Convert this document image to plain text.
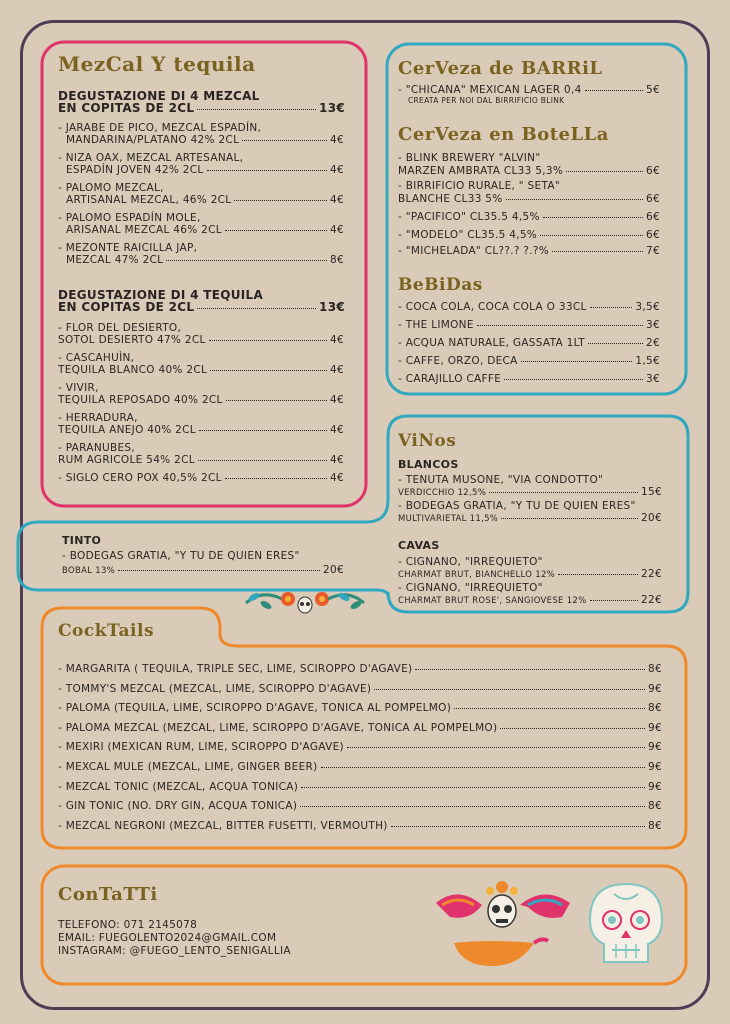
MezCal Y tequila
DEGUSTAZIONE DI 4 MEZCAL
EN COPITAS DE 2CL	13€
- JARABE DE PICO, MEZCAL ESPADÍN,
MANDARINA/PLATANO 42% 2CL	4€
- NIZA OAX, MEZCAL ARTESANAL,
ESPADÍN JOVEN 42% 2CL	4€
- PALOMO MEZCAL,
ARTISANAL MEZCAL, 46% 2CL	4€
- PALOMO ESPADÍN MOLE,
ARISANAL MEZCAL 46% 2CL	4€
- MEZONTE RAICILLA JAP,
MEZCAL 47% 2CL	8€
DEGUSTAZIONE DI 4 TEQUILA
EN COPITAS DE 2CL	13€
- FLOR DEL DESIERTO,
SOTOL DESIERTO 47% 2CL	4€
- CASCAHUÌN,
TEQUILA BLANCO 40% 2CL	4€
- VIVIR,
TEQUILA REPOSADO 40% 2CL	4€
- HERRADURA,
TEQUILA ANEJO 40% 2CL	4€
- PARANUBES,
RUM AGRICOLE 54% 2CL	4€
- SIGLO CERO POX 40,5% 2CL	4€
CerVeza de BARRiL
- "CHICANA" MEXICAN LAGER 0,4	5€
CREATA PER NOI DAL BIRRIFICIO BLINK
CerVeza en BoteLLa
- BLINK BREWERY "ALVIN"
MARZEN AMBRATA CL33 5,3%	6€
- BIRRIFICIO RURALE, " SETA"
BLANCHE CL33 5%	6€
- "PACIFICO" CL35.5 4,5%	6€
- "MODELO" CL35.5 4,5%	6€
- "MICHELADA" CL??.? ?.?%	7€
BeBiDas
- COCA COLA, COCA COLA O 33CL	3,5€
- THE LIMONE	3€
- ACQUA NATURALE, GASSATA 1LT	2€
- CAFFE, ORZO, DECA	1,5€
- CARAJILLO CAFFE	3€
ViNos
BLANCOS
- TENUTA MUSONE, "VIA CONDOTTO"
VERDICCHIO 12,5%	15€
- BODEGAS GRATIA, "Y TU DE QUIEN ERES"
MULTIVARIETAL 11,5%	20€
CAVAS
- CIGNANO, "IRREQUIETO"
CHARMAT BRUT, BIANCHELLO 12%	22€
- CIGNANO, "IRREQUIETO"
CHARMAT BRUT ROSE', SANGIOVESE 12%	22€
TINTO
- BODEGAS GRATIA, "Y TU DE QUIEN ERES"
BOBAL 13%	20€
CockTails
- MARGARITA ( TEQUILA, TRIPLE SEC, LIME, SCIROPPO D'AGAVE)	8€
- TOMMY'S MEZCAL (MEZCAL, LIME, SCIROPPO D'AGAVE)	9€
- PALOMA (TEQUILA, LIME, SCIROPPO D'AGAVE, TONICA AL POMPELMO)	8€
- PALOMA MEZCAL (MEZCAL, LIME, SCIROPPO D'AGAVE, TONICA AL POMPELMO)	9€
- MEXIRI (MEXICAN RUM, LIME, SCIROPPO D'AGAVE)	9€
- MEXCAL MULE (MEZCAL, LIME, GINGER BEER)	9€
- MEZCAL TONIC (MEZCAL, ACQUA TONICA)	9€
- GIN TONIC (NO. DRY GIN, ACQUA TONICA)	8€
- MEZCAL NEGRONI (MEZCAL, BITTER FUSETTI, VERMOUTH)	8€
ConTaTTi
TELEFONO: 071 2145078
EMAIL: FUEGOLENTO2024@GMAIL.COM
INSTAGRAM: @FUEGO_LENTO_SENIGALLIA
